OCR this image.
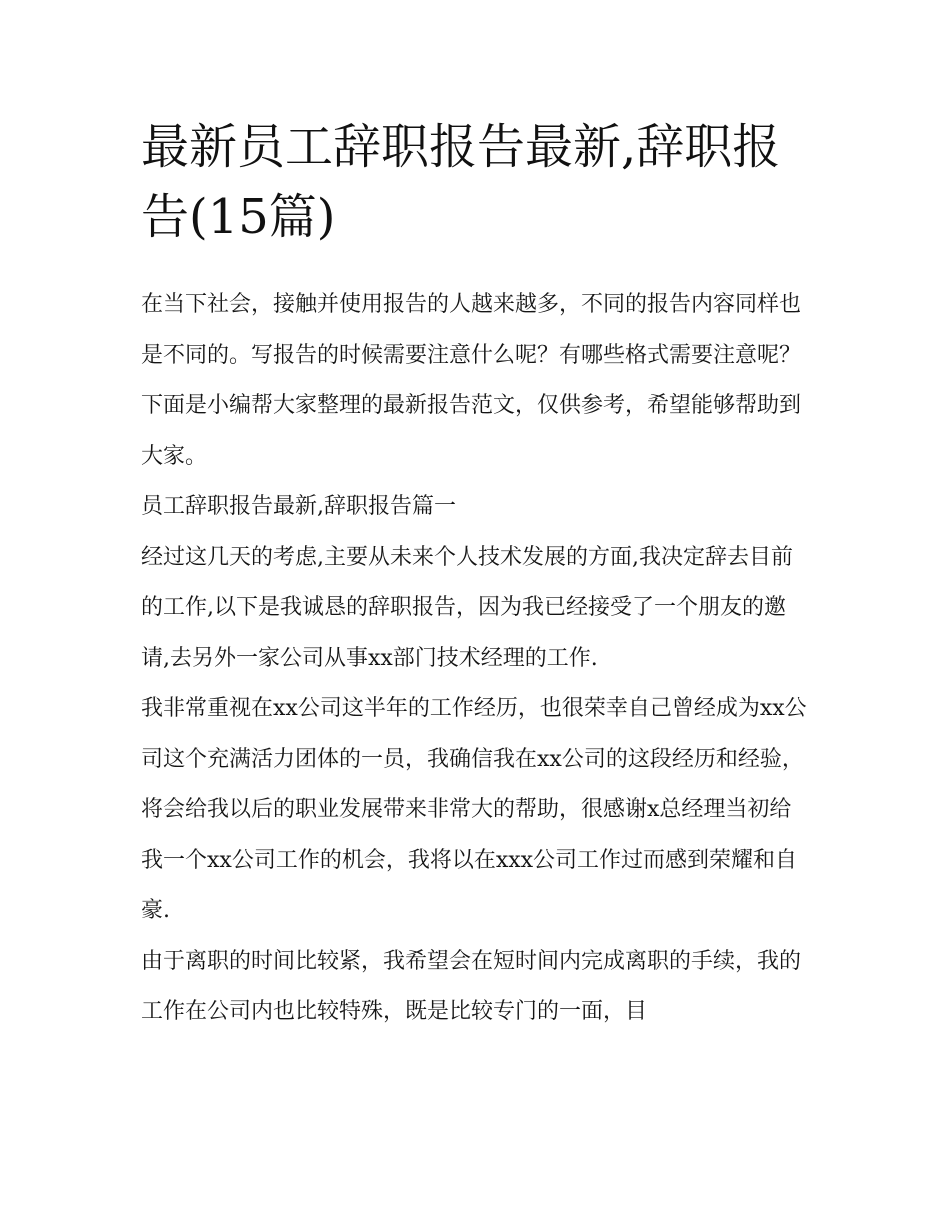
最新员工辞职报告最新,辞职报告(15篇)

在当下社会，接触并使用报告的人越来越多，不同的报告内容同样也是不同的。写报告的时候需要注意什么呢？有哪些格式需要注意呢？下面是小编帮大家整理的最新报告范文，仅供参考，希望能够帮助到大家。

员工辞职报告最新,辞职报告篇一

经过这几天的考虑,主要从未来个人技术发展的方面,我决定辞去目前的工作,以下是我诚恳的辞职报告，因为我已经接受了一个朋友的邀请,去另外一家公司从事xx部门技术经理的工作.

我非常重视在xx公司这半年的工作经历，也很荣幸自己曾经成为xx公司这个充满活力团体的一员，我确信我在xx公司的这段经历和经验，将会给我以后的职业发展带来非常大的帮助，很感谢x总经理当初给我一个xx公司工作的机会，我将以在xxx公司工作过而感到荣耀和自豪.

由于离职的时间比较紧，我希望会在短时间内完成离职的手续，我的工作在公司内也比较特殊，既是比较专门的一面，目
